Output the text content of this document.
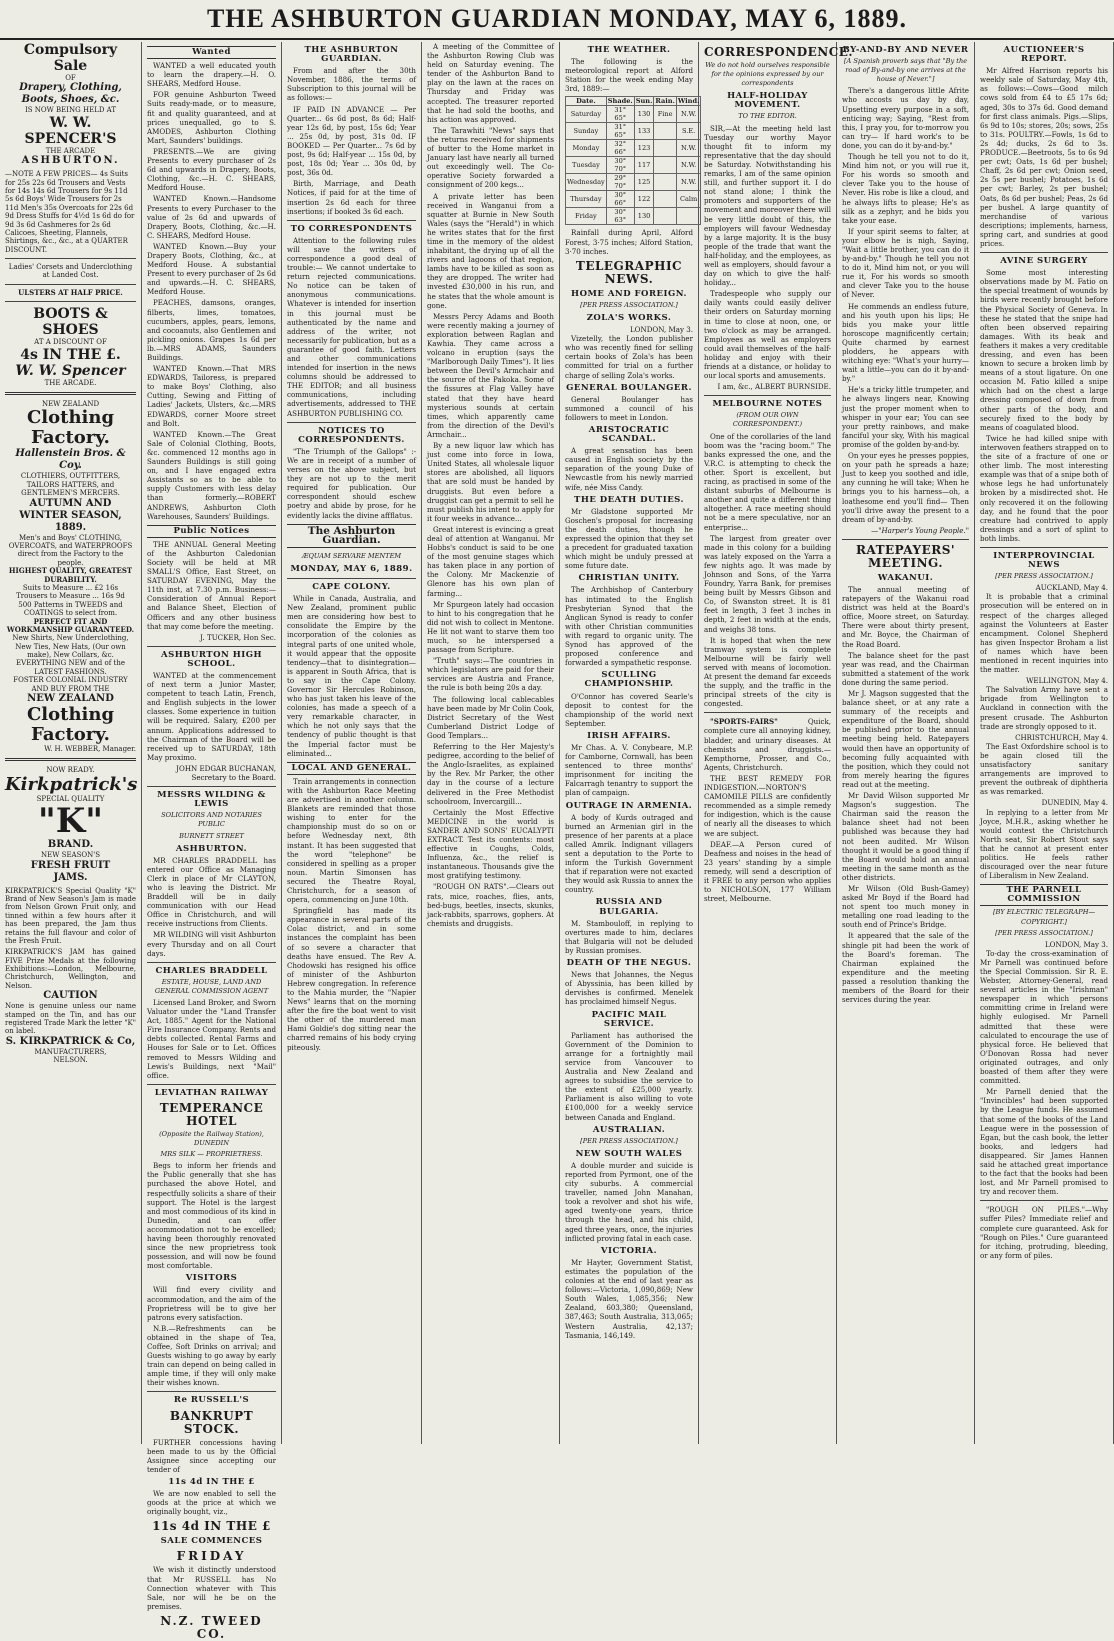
THE ASHBURTON GUARDIAN MONDAY, MAY 6, 1889.
Compulsory Sale
OF
Drapery, Clothing, Boots, Shoes, &c.
IS NOW BEING HELD AT
W. W. SPENCER'S
THE ARCADE
ASHBURTON.
—NOTE A FEW PRICES— 4s Suits for 25s 22s 6d Trousers and Vests for 14s 14s 6d Trousers for 9s 11d 5s 6d Boys' Wide Trousers for 2s 11d Men's 35s Overcoats for 22s 6d 9d Dress Stuffs for 4½d 1s 6d do for 9d 3s 6d Cashmeres for 2s 6d Calicoes, Sheeting, Flannels, Shirtings, &c., &c., at a QUARTER DISCOUNT.
Ladies' Corsets and Underclothing at Landed Cost.
ULSTERS AT HALF PRICE.
BOOTS & SHOES
AT A DISCOUNT OF
4s IN THE £.
W. W. Spencer
THE ARCADE.
NEW ZEALAND
Clothing Factory.
Hallenstein Bros. & Coy.
CLOTHIERS, OUTFITTERS, TAILORS HATTERS, and GENTLEMEN'S MERCERS.
AUTUMN AND WINTER SEASON, 1889.
Men's and Boys' CLOTHING, OVERCOATS, and WATERPROOFS direct from the Factory to the people.
HIGHEST QUALITY, GREATEST DURABILITY.
Suits to Measure ... £2 16s
Trousers to Measure ... 16s 9d
500 Patterns in TWEEDS and COATINGS to select from.
PERFECT FIT AND WORKMANSHIP GUARANTEED.
New Shirts, New Underclothing, New Ties, New Hats, (Our own make), New Collars, &c.
EVERYTHING NEW and of the LATEST FASHIONS.
FOSTER COLONIAL INDUSTRY AND BUY FROM THE
NEW ZEALAND
Clothing Factory.
W. H. WEBBER, Manager.
NOW READY.
Kirkpatrick's
SPECIAL QUALITY
"K"
BRAND.
NEW SEASON'S
FRESH FRUIT
JAMS.
KIRKPATRICK'S Special Quality "K" Brand of New Season's Jam is made from Nelson Grown Fruit only, and tinned within a few hours after it has been prepared, the Jam thus retains the full flavour and color of the Fresh Fruit.
KIRKPATRICK'S JAM has gained FIVE Prize Medals at the following Exhibitions:—London, Melbourne, Christchurch, Wellington, and Nelson.
CAUTION
None is genuine unless our name stamped on the Tin, and has our registered Trade Mark the letter "K" on label.
S. KIRKPATRICK & Co,
MANUFACTURERS,
NELSON.
Wanted

WANTED a well educated youth to learn the drapery.—H. O. SHEARS, Medford House.

FOR genuine Ashburton Tweed Suits ready-made, or to measure, fit and quality guaranteed, and at prices unequalled, go to S. AMODES, Ashburton Clothing Mart, Saunders' buildings.

PRESENTS.—We are giving Presents to every purchaser of 2s 6d and upwards in Drapery, Boots, Clothing, &c.—H. C. SHEARS, Medford House.

WANTED Known.—Handsome Presents to every Purchaser to the value of 2s 6d and upwards of Drapery, Boots, Clothing, &c.—H. C. SHEARS, Medford House.

WANTED Known.—Buy your Drapery Boots, Clothing, &c., at Medford House. A substantial Present to every purchaser of 2s 6d and upwards.—H. C. SHEARS, Medford House.

PEACHES, damsons, oranges, filberts, limes, tomatoes, cucumbers, apples, pears, lemons, and cocoanuts, also Gentlemen and pickling onions. Grapes 1s 6d per lb.—MRS ADAMS, Saunders Buildings.

WANTED Known.—That MRS EDWARDS, Tailoress, is prepared to make Boys' Clothing, also Cutting, Sewing and Fitting of Ladies' Jackets, Ulsters, &c.—MRS EDWARDS, corner Moore street and Bolt.

WANTED Known.—The Great Sale of Colonial Clothing, Boots, &c. commenced 12 months ago in Saunders Buildings is still going on, and I have engaged extra Assistants so as to be able to supply Customers with less delay than formerly.—ROBERT ANDREWS, Ashburton Cloth Warehouses, Saunders' Buildings.

Public Notices

THE ANNUAL General Meeting of the Ashburton Caledonian Society will be held at MR SMALL'S Office, East Street, on SATURDAY EVENING, May the 11th inst, at 7.30 p.m. Business:—Consideration of Annual Report and Balance Sheet, Election of Officers and any other business that may come before the meeting.

J. TUCKER, Hon Sec.
ASHBURTON HIGH SCHOOL.

WANTED at the commencement of next term a Junior Master, competent to teach Latin, French, and English subjects in the lower classes. Some experience in tuition will be required. Salary, £200 per annum. Applications addressed to the Chairman of the Board will be received up to SATURDAY, 18th May proximo.

JOHN EDGAR BUCHANAN, Secretary to the Board.
MESSRS WILDING & LEWIS
SOLICITORS AND NOTARIES PUBLIC
BURNETT STREET
ASHBURTON.

MR CHARLES BRADDELL has entered our Office as Managing Clerk in place of Mr CLAYTON, who is leaving the District. Mr Braddell will be in daily communication with our Head Office in Christchurch, and will receive instructions from Clients.

MR WILDING will visit Ashburton every Thursday and on all Court days.

CHARLES BRADDELL
ESTATE, HOUSE, LAND AND GENERAL COMMISSION AGENT

Licensed Land Broker, and Sworn Valuator under the "Land Transfer Act, 1885." Agent for the National Fire Insurance Company. Rents and debts collected. Rental Farms and Houses for Sale or to Let. Offices removed to Messrs Wilding and Lewis's Buildings, next "Mail" office.

LEVIATHAN RAILWAY
TEMPERANCE HOTEL
(Opposite the Railway Station), DUNEDIN
MRS SILK — PROPRIETRESS.

Begs to inform her friends and the Public generally that she has purchased the above Hotel, and respectfully solicits a share of their support. The Hotel is the largest and most commodious of its kind in Dunedin, and can offer accommodation not to be excelled; having been thoroughly renovated since the new proprietress took possession, and will now be found most comfortable.

VISITORS

Will find every civility and accommodation, and the aim of the Proprietress will be to give her patrons every satisfaction.

N.B.—Refreshments can be obtained in the shape of Tea, Coffee, Soft Drinks on arrival; and Guests wishing to go away by early train can depend on being called in ample time, if they will only make their wishes known.

Re RUSSELL'S
BANKRUPT STOCK.

FURTHER concessions having been made to us by the Official Assignee since accepting our tender of

11s 4d IN THE £

We are now enabled to sell the goods at the price at which we originally bought, viz.,

11s 4d IN THE £
SALE COMMENCES
FRIDAY

We wish it distinctly understood that Mr RUSSELL has No Connection whatever with This Sale, nor will he be on the premises.

N.Z. TWEED CO.
THE ASHBURTON GUARDIAN.

From and after the 30th November, 1886, the terms of Subscription to this journal will be as follows:—

IF PAID IN ADVANCE — Per Quarter... 6s 6d post, 8s 6d; Half-year 12s 6d, by post, 15s 6d; Year ... 25s 0d, by post, 31s 0d. IF BOOKED — Per Quarter... 7s 6d by post, 9s 6d; Half-year ... 15s 0d, by post, 18s 0d; Year ... 30s 0d, by post, 36s 0d.

Birth, Marriage, and Death Notices, if paid for at the time of insertion 2s 6d each for three insertions; if booked 3s 6d each.

TO CORRESPONDENTS

Attention to the following rules will save the writers of correspondence a good deal of trouble:— We cannot undertake to return rejected communications. No notice can be taken of anonymous communications. Whatever is intended for insertion in this journal must be authenticated by the name and address of the writer, not necessarily for publication, but as a guarantee of good faith. Letters and other communications intended for insertion in the news columns should be addressed to THE EDITOR; and all business communications, including advertisements, addressed to THE ASHBURTON PUBLISHING CO.

NOTICES TO CORRESPONDENTS.

"The Triumph of the Gallops" :- We are in receipt of a number of verses on the above subject, but they are not up to the merit required for publication. Our correspondent should eschew poetry and abide by prose, for he evidently lacks the divine affflatus.

The Ashburton Guardian.
ÆQUAM SERVARE MENTEM
MONDAY, MAY 6, 1889.
CAPE COLONY.

While in Canada, Australia, and New Zealand, prominent public men are considering how best to consolidate the Empire by the incorporation of the colonies as integral parts of one united whole, it would appear that the opposite tendency—that to disintegration—is apparent in South Africa, that is to say in the Cape Colony. Governor Sir Hercules Robinson, who has just taken his leave of the colonies, has made a speech of a very remarkable character, in which he not only says that the tendency of public thought is that the Imperial factor must be eliminated...

LOCAL AND GENERAL.

Train arrangements in connection with the Ashburton Race Meeting are advertised in another column. Blankets are reminded that those wishing to enter for the championship must do so on or before Wednesday next, 8th instant. It has been suggested that the word "telephone" be considered in spelling as a proper noun. Martin Simonsen has secured the Theatre Royal, Christchurch, for a season of opera, commencing on June 10th.

Springfield has made its appearance in several parts of the Colac district, and in some instances the complaint has been of so severe a character that deaths have ensued. The Rev A. Chodowski has resigned his office of minister of the Ashburton Hebrew congregation. In reference to the Mahia murder, the "Napier News" learns that on the morning after the fire the boat went to visit the other of the murdered man Hami Goldie's dog sitting near the charred remains of his body crying piteously.

A meeting of the Committee of the Ashburton Rowing Club was held on Saturday evening. The tender of the Ashburton Band to play on the lawn at the races on Thursday and Friday was accepted. The treasurer reported that he had sold the booths, and his action was approved.

The Tarawhiti "News" says that the returns received for shipments of butter to the Home market in January last have nearly all turned out exceedingly well. The Co-operative Society forwarded a consignment of 200 kegs...

A private letter has been received in Wanganui from a squatter at Burnie in New South Wales (says the "Herald") in which he writes states that for the first time in the memory of the oldest inhabitant, the drying up of all the rivers and lagoons of that region, lambs have to be killed as soon as they are dropped. The writer had invested £30,000 in his run, and he states that the whole amount is gone.

Messrs Percy Adams and Booth were recently making a journey of exploration between Raglan and Kawhia. They came across a volcano in eruption (says the "Marlborough Daily Times"). It lies between the Devil's Armchair and the source of the Pakoka. Some of the fissures at Flag Valley have stated that they have heard mysterious sounds at certain times, which apparently came from the direction of the Devil's Armchair...

By a new liquor law which has just come into force in Iowa, United States, all wholesale liquor stores are abolished, all liquors that are sold must be handed by druggists. But even before a druggist can get a permit to sell he must publish his intent to apply for it four weeks in advance...

Great interest is evincing a great deal of attention at Wanganui. Mr Hobbs's conduct is said to be one of the most genuine stages which has taken place in any portion of the Colony. Mr Mackenzie of Glenore has his own plan of farming...

Mr Spurgeon lately had occasion to hint to his congregation that he did not wish to collect in Mentone. He lit not want to starve them too much, so he interspersed a passage from Scripture.

"Truth" says:—The countries in which legislators are paid for their services are Austria and France, the rule is both being 20s a day.

The following local cablecables have been made by Mr Colin Cook, District Secretary of the West Cumberland District Lodge of Good Templars...

Referring to the Her Majesty's pedigree, according to the belief of the Anglo-Israelites, as explained by the Rev. Mr Parker, the other day in the course of a lecture delivered in the Free Methodist schoolroom, Invercargill...

Certainly the Most Effective MEDICINE in the world is SANDER AND SONS' EUCALYPTI EXTRACT. Test its contents: most effective in Coughs, Colds, Influenza, &c., the relief is instantaneous. Thousands give the most gratifying testimony.

"ROUGH ON RATS".—Clears out rats, mice, roaches, flies, ants, bed-bugs, beetles, insects, skunks, jack-rabbits, sparrows, gophers. At chemists and druggists.

THE WEATHER.

The following is the meteorological report at Alford Station for the week ending May 3rd, 1889:—

Date.	Shade.	Sun.	Rain.	Wind.
Saturday	31° 65°	130	Fine	N.W.
Sunday	31° 65°	133		S.E.
Monday	32° 66°	123		N.W.
Tuesday	30° 70°	117		N.W.
Wednesday	29° 70°	125		N.W.
Thursday	30° 66°	122		Calm
Friday	30° 63°	130		

Rainfall during April, Alford Forest, 3·75 inches; Alford Station, 3·70 inches.

TELEGRAPHIC NEWS.
HOME AND FOREIGN.
[PER PRESS ASSOCIATION.]
ZOLA'S WORKS.
LONDON, May 3.

Vizetelly, the London publisher who was recently fined for selling certain books of Zola's has been committed for trial on a further charge of selling Zola's works.

GENERAL BOULANGER.

General Boulanger has summoned a council of his followers to meet in London.

ARISTOCRATIC SCANDAL.

A great sensation has been caused in English society by the separation of the young Duke of Newcastle from his newly married wife, née Miss Candy.

THE DEATH DUTIES.

Mr Gladstone supported Mr Goschen's proposal for increasing the death duties, though he expressed the opinion that they set a precedent for graduated taxation which might be unduly pressed at some future date.

CHRISTIAN UNITY.

The Archbishop of Canterbury has intimated to the English Presbyterian Synod that the Anglican Synod is ready to confer with other Christian communities with regard to organic unity. The Synod has approved of the proposed conference and forwarded a sympathetic response.

SCULLING CHAMPIONSHIP.

O'Connor has covered Searle's deposit to contest for the championship of the world next September.

IRISH AFFAIRS.

Mr Chas. A. V. Conybeare, M.P. for Camborne, Cornwall, has been sentenced to three months' imprisonment for inciting the Falcarragh tenantry to support the plan of campaign.

OUTRAGE IN ARMENIA.

A body of Kurds outraged and burned an Armenian girl in the presence of her parents at a place called Amrik. Indignant villagers sent a deputation to the Porte to inform the Turkish Government that if reparation were not exacted they would ask Russia to annex the country.

RUSSIA AND BULGARIA.

M. Stambouloff, in replying to overtures made to him, declares that Bulgaria will not be deluded by Russian promises.

DEATH OF THE NEGUS.

News that Johannes, the Negus of Abyssinia, has been killed by dervishes is confirmed. Menelek has proclaimed himself Negus.

PACIFIC MAIL SERVICE.

Parliament has authorised the Government of the Dominion to arrange for a fortnightly mail service from Vancouver to Australia and New Zealand and agrees to subsidise the service to the extent of £25,000 yearly. Parliament is also willing to vote £100,000 for a weekly service between Canada and England.

AUSTRALIAN.
[PER PRESS ASSOCIATION.]
NEW SOUTH WALES

A double murder and suicide is reported from Pyrmont, one of the city suburbs. A commercial traveller, named John Manahan, took a revolver and shot his wife, aged twenty-one years, thrice through the head, and his child, aged three years, once, the injuries inflicted proving fatal in each case.

VICTORIA.

Mr Hayter, Government Statist, estimates the population of the colonies at the end of last year as follows:—Victoria, 1,090,869; New South Wales, 1,085,356; New Zealand, 603,380; Queensland, 387,463; South Australia, 313,065; Western Australia, 42,137; Tasmania, 146,149.

CORRESPONDENCE.
We do not hold ourselves responsible for the opinions expressed by our correspondents
HALF-HOLIDAY MOVEMENT.
TO THE EDITOR.

SIR,—At the meeting held last Tuesday our worthy Mayor thought fit to inform my representative that the day should be Saturday. Notwithstanding his remarks, I am of the same opinion still, and further support it. I do not stand alone; I think the promoters and supporters of the movement and moreover there will be very little doubt of this, the employers will favour Wednesday by a large majority. It is the busy people of the trade that want the half-holiday, and the employees, as well as employers, should favour a day on which to give the half-holiday...

Tradespeople who supply our daily wants could easily deliver their orders on Saturday morning in time to close at noon, one, or two o'clock as may be arranged. Employees as well as employers could avail themselves of the half-holiday and enjoy with their friends at a distance, or holiday to our local sports and amusements.

I am, &c., ALBERT BURNSIDE.
MELBOURNE NOTES
(FROM OUR OWN CORRESPONDENT.)

One of the corollaries of the land boom was the "racing boom." The banks expressed the one, and the V.R.C. is attempting to check the other. Sport is excellent, but racing, as practised in some of the distant suburbs of Melbourne is another and quite a different thing altogether. A race meeting should not be a mere speculative, nor an enterprise...

The largest from greater over made in this colony for a building was lately exposed on the Yarra a few nights ago. It was made by Johnson and Sons, of the Yarra Foundry, Yarra Bank, for premises being built by Messrs Gibson and Co, of Swanston street. It is 81 feet in length, 3 feet 3 inches in depth, 2 feet in width at the ends, and weighs 38 tons.

It is hoped that when the new tramway system is complete Melbourne will be fairly well served with means of locomotion. At present the demand far exceeds the supply, and the traffic in the principal streets of the city is congested.

"SPORTS-FAIRS"	Quick, complete cure all annoying kidney, bladder, and urinary diseases. At chemists and druggists.—Kempthorne, Prosser, and Co., Agents, Christchurch.

THE BEST REMEDY FOR INDIGESTION.—NORTON'S CAMOMILE PILLS are confidently recommended as a simple remedy for indigestion, which is the cause of nearly all the diseases to which we are subject.

DEAF.—A Person cured of Deafness and noises in the head of 23 years' standing by a simple remedy, will send a description of it FREE to any person who applies to NICHOLSON, 177 William street, Melbourne.

BY-AND-BY AND NEVER
[A Spanish proverb says that "By the road of By-and-by one arrives at the house of Never."]

There's a dangerous little Afrite who accosts us day by day, Upsetting every purpose in a soft, enticing way; Saying, "Rest from this, I pray you, for to-morrow you can try— If hard work's to be done, you can do it by-and-by."

Though he tell you not to do it, Mind him not, or you will rue it, For his words so smooth and clever Take you to the house of Never. His robe is like a cloud, and he always lifts to please; He's as silk as a zephyr, and he bids you take your ease.

If your spirit seems to falter, at your elbow he is nigh, Saying, "Wait a little brother, you can do it by-and-by." Though he tell you not to do it, Mind him not, or you will rue it, For his words so smooth and clever Take you to the house of Never.

He commends an endless future, and his youth upon his lips; He bids you make your little horoscope magnificently certain; Quite charmed by earnest plodders, he appears with witching eye: "What's your hurry—wait a little—you can do it by-and-by."

He's a tricky little trumpeter, and he always lingers near, Knowing just the proper moment when to whisper in your ear; You can see your pretty rainbows, and make fanciful your sky, With his magical promise of the golden by-and-by.

On your eyes he presses poppies, on your path he spreads a haze; Just to keep you soothed and idle, any cunning he will take; When he brings you to his harness—oh, a loathesome end you'll find— Then you'll drive away the present to a dream of by-and-by.

—"Harper's Young People."
RATEPAYERS' MEETING.
WAKANUI.

The annual meeting of ratepayers of the Wakanui road district was held at the Board's office, Moore street, on Saturday. There were about thirty present, and Mr. Boyce, the Chairman of the Road Board.

The balance sheet for the past year was read, and the Chairman submitted a statement of the work done during the same period.

Mr J. Magson suggested that the balance sheet, or at any rate a summary of the receipts and expenditure of the Board, should be published prior to the annual meeting being held. Ratepayers would then have an opportunity of becoming fully acquainted with the position, which they could not from merely hearing the figures read out at the meeting.

Mr David Wilson supported Mr Magson's suggestion. The Chairman said the reason the balance sheet had not been published was because they had not been audited. Mr Wilson thought it would be a good thing if the Board would hold an annual meeting in the same month as the other districts.

Mr Wilson (Old Bush-Gamey) asked Mr Boyd if the Board had not spent too much money in metalling one road leading to the south end of Prince's Bridge.

It appeared that the sale of the shingle pit had been the work of the Board's foreman. The Chairman explained the expenditure and the meeting passed a resolution thanking the members of the Board for their services during the year.

AUCTIONEER'S REPORT.

Mr Alfred Harrison reports his weekly sale of Saturday, May 4th, as follows:—Cows—Good milch cows sold from £4 to £5 17s 6d; aged, 30s to 37s 6d. Good demand for first class animals. Pigs.—Slips, 6s 9d to 10s; stores, 20s; sows, 25s to 31s. POULTRY.—Fowls, 1s 6d to 2s 4d; ducks, 2s 6d to 3s. PRODUCE.—Beetroots, 5s to 6s 9d per cwt; Oats, 1s 6d per bushel; Chaff, 2s 6d per cwt; Onion seed, 2s 5s per bushel; Potatoes, 1s 6d per cwt; Barley, 2s per bushel; Oats, 8s 6d per bushel; Peas, 2s 6d per bushel. A large quantity of merchandise of various descriptions; implements, harness, spring cart, and sundries at good prices.

AVINE SURGERY

Some most interesting observations made by M. Fatio on the special treatment of wounds by birds were recently brought before the Physical Society of Geneva. In these he stated that the snipe had often been observed repairing damages. With its beak and feathers it makes a very creditable dressing, and even has been known to secure a broken limb by means of a stout ligature. On one occasion M. Fatio killed a snipe which had on the chest a large dressing composed of down from other parts of the body, and securely fixed to the body by means of coagulated blood.

Twice he had killed snipe with interwoven feathers strapped on to the site of a fracture of one or other limb. The most interesting example was that of a snipe both of whose legs he had unfortunately broken by a misdirected shot. He only recovered it on the following day, and he found that the poor creature had contrived to apply dressings and a sort of splint to both limbs.

INTERPROVINCIAL NEWS
[PER PRESS ASSOCIATION.]
AUCKLAND, May 4.

It is probable that a criminal prosecution will be entered on in respect of the charges alleged against the Volunteers at Easter encampment. Colonel Shepherd has given Inspector Broham a list of names which have been mentioned in recent inquiries into the matter.

WELLINGTON, May 4.

The Salvation Army have sent a brigade from Wellington to Auckland in connection with the present crusade. The Ashburton trade are strongly opposed to it.

CHRISTCHURCH, May 4.

The East Oxfordshire school is to be again closed till the unsatisfactory sanitary arrangements are improved to prevent the outbreak of diphtheria as was remarked.

DUNEDIN, May 4.

In replying to a letter from Mr Joyce, M.H.R., asking whether he would contest the Christchurch North seat, Sir Robert Stout says that he cannot at present enter politics. He feels rather discouraged over the near future of Liberalism in New Zealand.

THE PARNELL COMMISSION
[BY ELECTRIC TELEGRAPH—COPYRIGHT.]
[PER PRESS ASSOCIATION.]
LONDON, May 3.

To-day the cross-examination of Mr Parnell was continued before the Special Commission. Sir R. E. Webster, Attorney-General, read several articles in the "Irishman" newspaper in which persons committing crime in Ireland were highly eulogised. Mr Parnell admitted that these were calculated to encourage the use of physical force. He believed that O'Donovan Rossa had never originated outrages, and only boasted of them after they were committed.

Mr Parnell denied that the "Invincibles" had been supported by the League funds. He assumed that some of the books of the Land League were in the possession of Egan, but the cash book, the letter books, and ledgers had disappeared. Sir James Hannen said he attached great importance to the fact that the books had been lost, and Mr Parnell promised to try and recover them.

"ROUGH ON PILES."—Why suffer Piles? Immediate relief and complete cure guaranteed. Ask for "Rough on Piles." Cure guaranteed for itching, protruding, bleeding, or any form of piles.
